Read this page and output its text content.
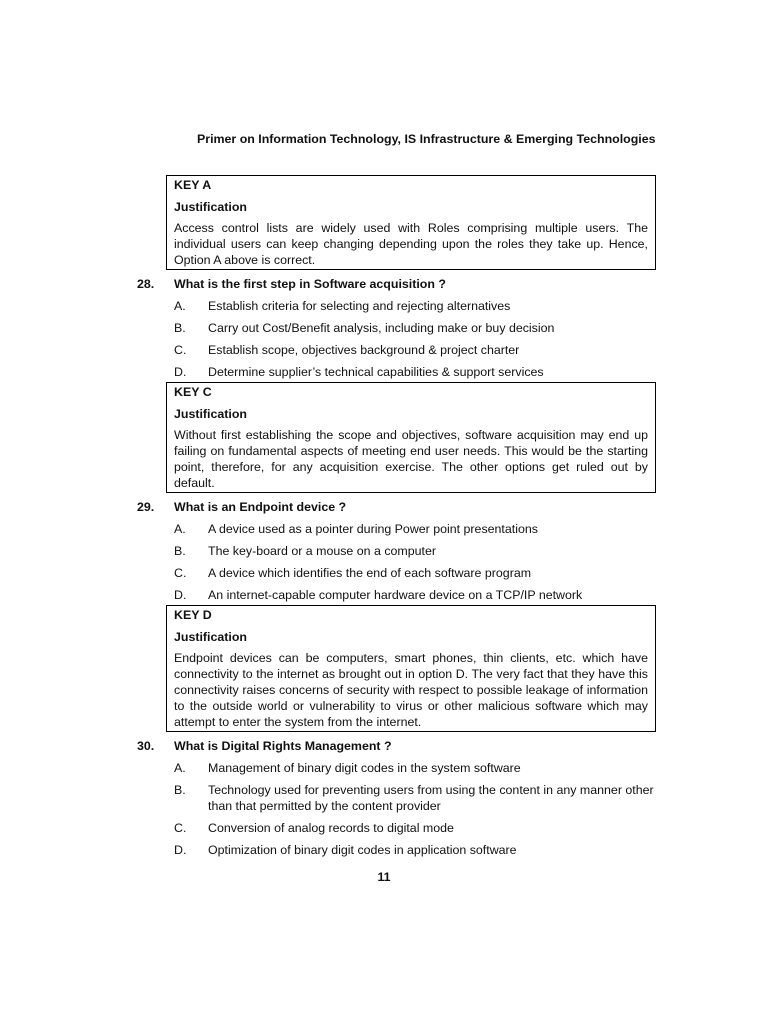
Primer on Information Technology, IS Infrastructure & Emerging Technologies
KEY A
Justification
Access control lists are widely used with Roles comprising multiple users. The individual users can keep changing depending upon the roles they take up. Hence, Option A above is correct.
28. What is the first step in Software acquisition ?
A. Establish criteria for selecting and rejecting alternatives
B. Carry out Cost/Benefit analysis, including make or buy decision
C. Establish scope, objectives background & project charter
D. Determine supplier’s technical capabilities & support services
KEY C
Justification
Without first establishing the scope and objectives, software acquisition may end up failing on fundamental aspects of meeting end user needs. This would be the starting point, therefore, for any acquisition exercise. The other options get ruled out by default.
29. What is an Endpoint device ?
A. A device used as a pointer during Power point presentations
B. The key-board or a mouse on a computer
C. A device which identifies the end of each software program
D. An internet-capable computer hardware device on a TCP/IP network
KEY D
Justification
Endpoint devices can be computers, smart phones, thin clients, etc. which have connectivity to the internet as brought out in option D. The very fact that they have this connectivity raises concerns of security with respect to possible leakage of information to the outside world or vulnerability to virus or other malicious software which may attempt to enter the system from the internet.
30. What is Digital Rights Management ?
A. Management of binary digit codes in the system software
B. Technology used for preventing users from using the content in any manner other than that permitted by the content provider
C. Conversion of analog records to digital mode
D. Optimization of binary digit codes in application software
11
